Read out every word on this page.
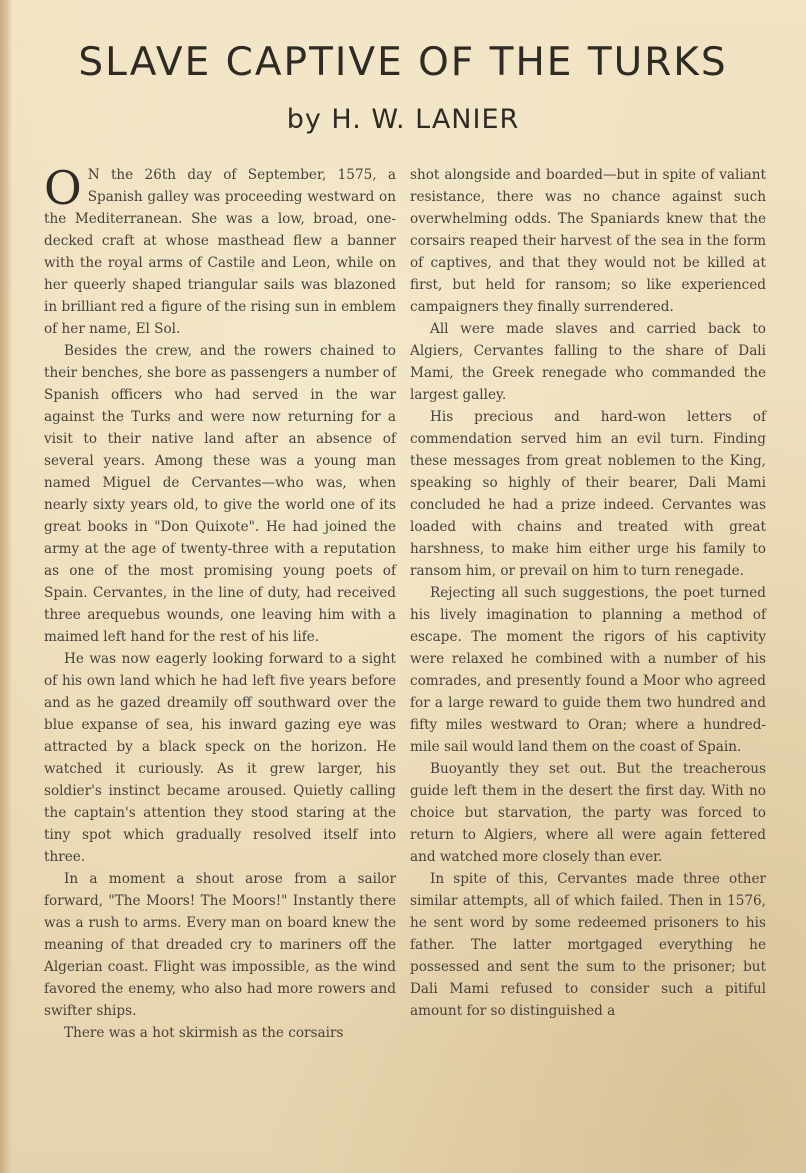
SLAVE CAPTIVE OF THE TURKS
by H. W. LANIER

O N the 26th day of September, 1575, a Spanish galley was proceeding westward on the Mediterranean. She was a low, broad, one-decked craft at whose masthead flew a banner with the royal arms of Castile and Leon, while on her queerly shaped triangular sails was blazoned in brilliant red a figure of the rising sun in emblem of her name, El Sol.

Besides the crew, and the rowers chained to their benches, she bore as passengers a number of Spanish officers who had served in the war against the Turks and were now returning for a visit to their native land after an absence of several years. Among these was a young man named Miguel de Cervantes—who was, when nearly sixty years old, to give the world one of its great books in "Don Quixote". He had joined the army at the age of twenty-three with a reputation as one of the most promising young poets of Spain. Cervantes, in the line of duty, had received three arequebus wounds, one leaving him with a maimed left hand for the rest of his life.

He was now eagerly looking forward to a sight of his own land which he had left five years before and as he gazed dreamily off southward over the blue expanse of sea, his inward gazing eye was attracted by a black speck on the horizon. He watched it curiously. As it grew larger, his soldier's instinct became aroused. Quietly calling the captain's attention they stood staring at the tiny spot which gradually resolved itself into three.

In a moment a shout arose from a sailor forward, "The Moors! The Moors!" Instantly there was a rush to arms. Every man on board knew the meaning of that dreaded cry to mariners off the Algerian coast. Flight was impossible, as the wind favored the enemy, who also had more rowers and swifter ships.

There was a hot skirmish as the corsairs

shot alongside and boarded—but in spite of valiant resistance, there was no chance against such overwhelming odds. The Spaniards knew that the corsairs reaped their harvest of the sea in the form of captives, and that they would not be killed at first, but held for ransom; so like experienced campaigners they finally surrendered.

All were made slaves and carried back to Algiers, Cervantes falling to the share of Dali Mami, the Greek renegade who commanded the largest galley.

His precious and hard-won letters of commendation served him an evil turn. Finding these messages from great noblemen to the King, speaking so highly of their bearer, Dali Mami concluded he had a prize indeed. Cervantes was loaded with chains and treated with great harshness, to make him either urge his family to ransom him, or prevail on him to turn renegade.

Rejecting all such suggestions, the poet turned his lively imagination to planning a method of escape. The moment the rigors of his captivity were relaxed he combined with a number of his comrades, and presently found a Moor who agreed for a large reward to guide them two hundred and fifty miles westward to Oran; where a hundred-mile sail would land them on the coast of Spain.

Buoyantly they set out. But the treacherous guide left them in the desert the first day. With no choice but starvation, the party was forced to return to Algiers, where all were again fettered and watched more closely than ever.

In spite of this, Cervantes made three other similar attempts, all of which failed. Then in 1576, he sent word by some redeemed prisoners to his father. The latter mortgaged everything he possessed and sent the sum to the prisoner; but Dali Mami refused to consider such a pitiful amount for so distinguished a
